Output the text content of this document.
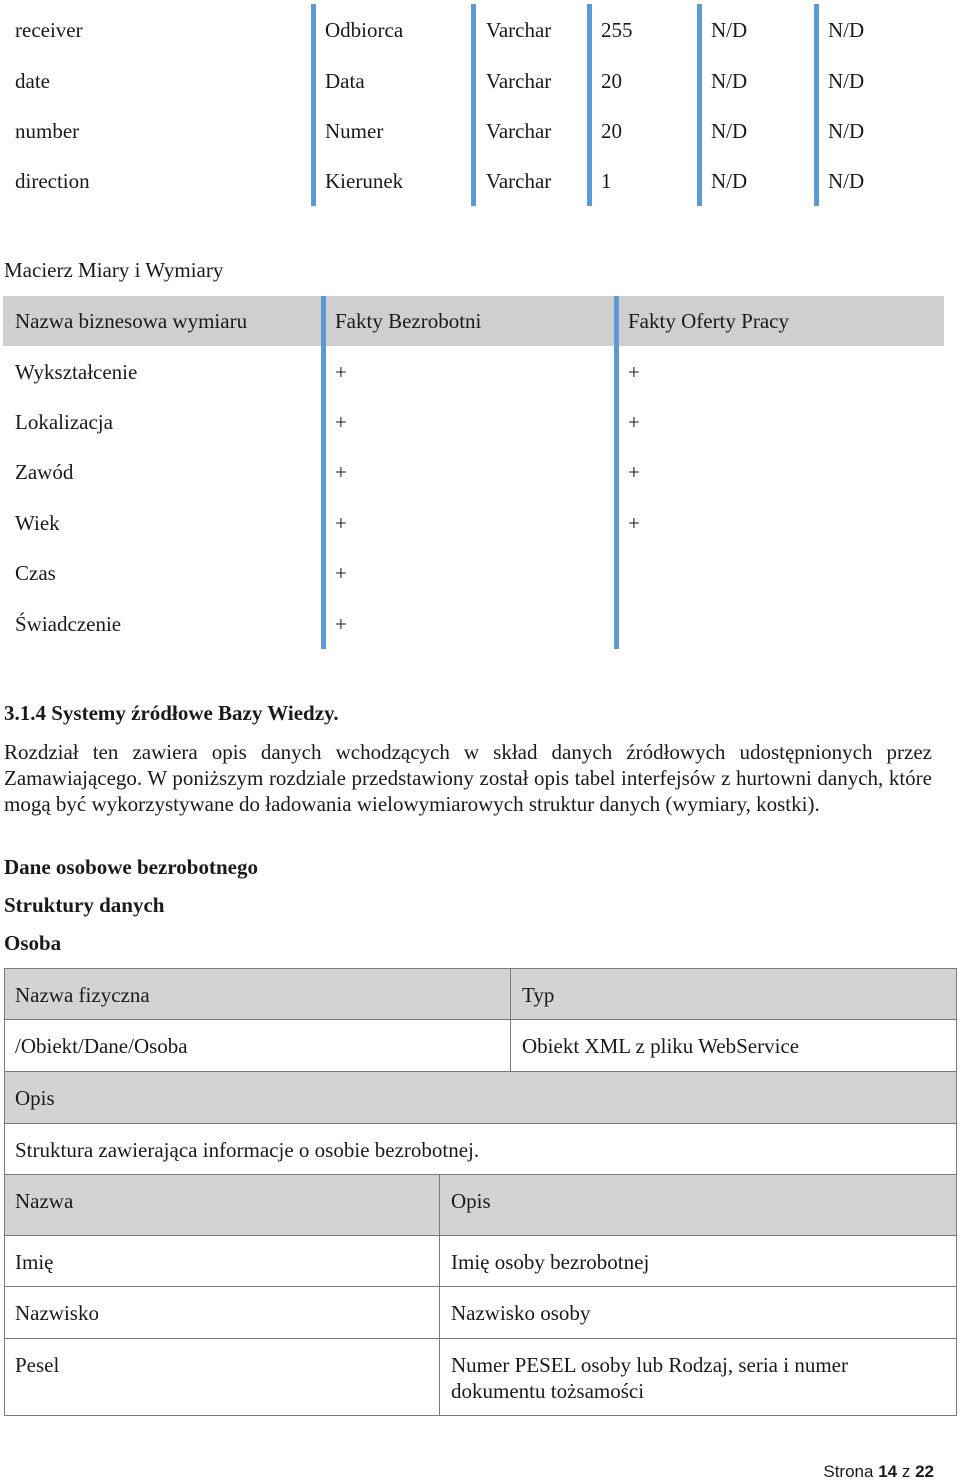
receiver	Odbiorca	Varchar 255	N/D	N/D
date	Data	Varchar 20	N/D	N/D
number	Numer	Varchar 20	N/D	N/D
direction	Kierunek	Varchar 1	N/D	N/D
Macierz Miary i Wymiary
Nazwa biznesowa wymiaru	Fakty Bezrobotni	Fakty Oferty Pracy
Wykształcenie	+	+
Lokalizacja	+	+
Zawód	+	+
Wiek	+	+
Czas	+
Świadczenie	+
3.1.4 Systemy źródłowe Bazy Wiedzy.
Rozdział ten zawiera opis danych wchodzących w skład danych źródłowych udostępnionych przez Zamawiającego. W poniższym rozdziale przedstawiony został opis tabel interfejsów z hurtowni danych, które mogą być wykorzystywane do ładowania wielowymiarowych struktur danych (wymiary, kostki).
Dane osobowe bezrobotnego
Struktury danych
Osoba
Nazwa fizyczna	Typ
/Obiekt/Dane/Osoba	Obiekt XML z pliku WebService
Opis
Struktura zawierająca informacje o osobie bezrobotnej.
Nazwa	Opis
Imię	Imię osoby bezrobotnej
Nazwisko	Nazwisko osoby
Pesel	Numer PESEL osoby lub Rodzaj, seria i numer
dokumentu tożsamości
Strona 14 z 22
